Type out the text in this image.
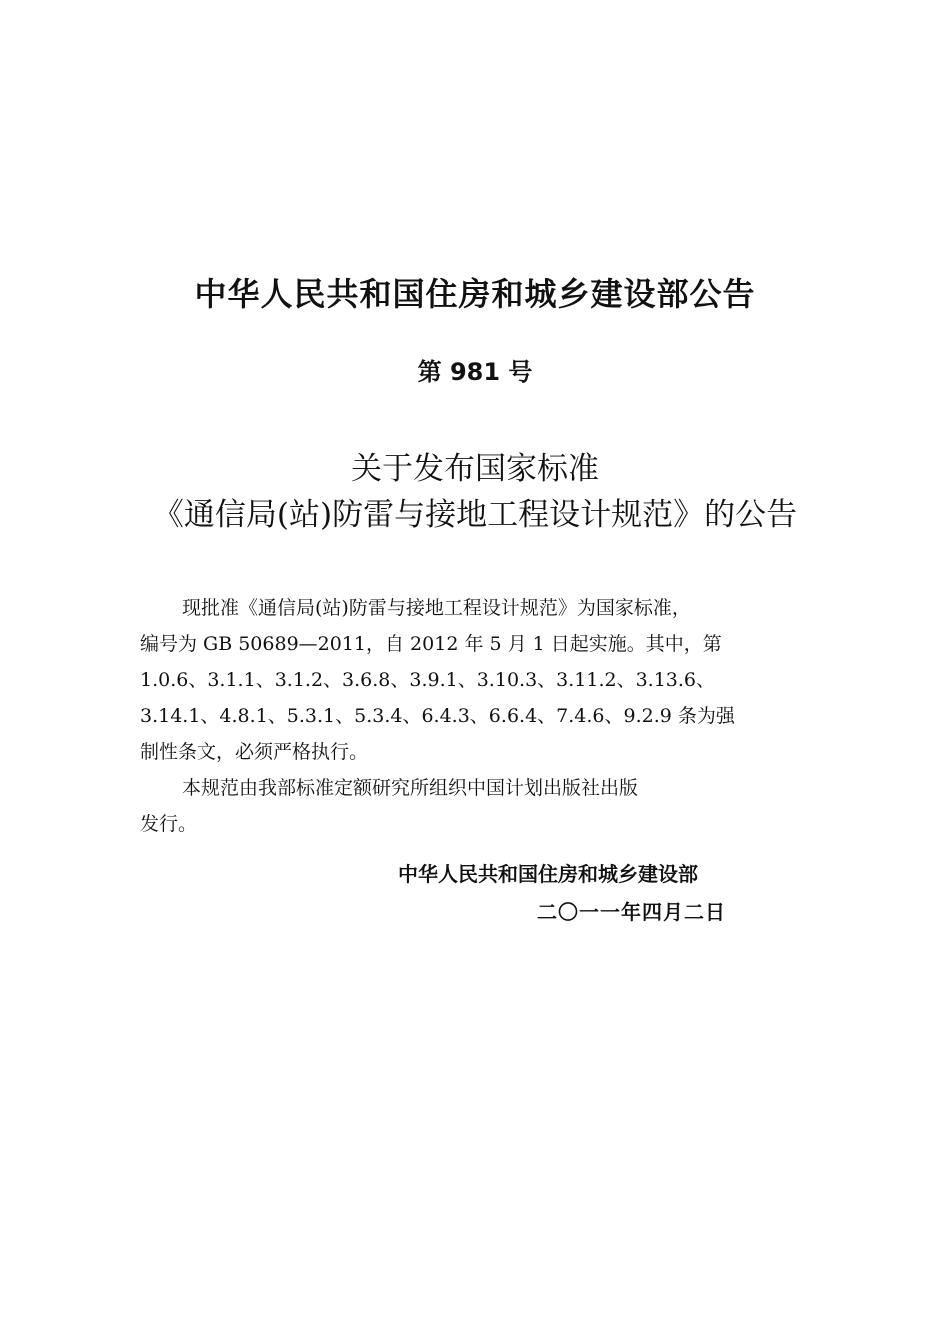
中华人民共和国住房和城乡建设部公告
第 981 号
关于发布国家标准
《通信局(站)防雷与接地工程设计规范》的公告
现批准《通信局(站)防雷与接地工程设计规范》为国家标准，
编号为 GB 50689—2011，自 2012 年 5 月 1 日起实施。其中，第
1.0.6、3.1.1、3.1.2、3.6.8、3.9.1、3.10.3、3.11.2、3.13.6、
3.14.1、4.8.1、5.3.1、5.3.4、6.4.3、6.6.4、7.4.6、9.2.9 条为强
制性条文，必须严格执行。
本规范由我部标准定额研究所组织中国计划出版社出版
发行。
中华人民共和国住房和城乡建设部
二〇一一年四月二日
